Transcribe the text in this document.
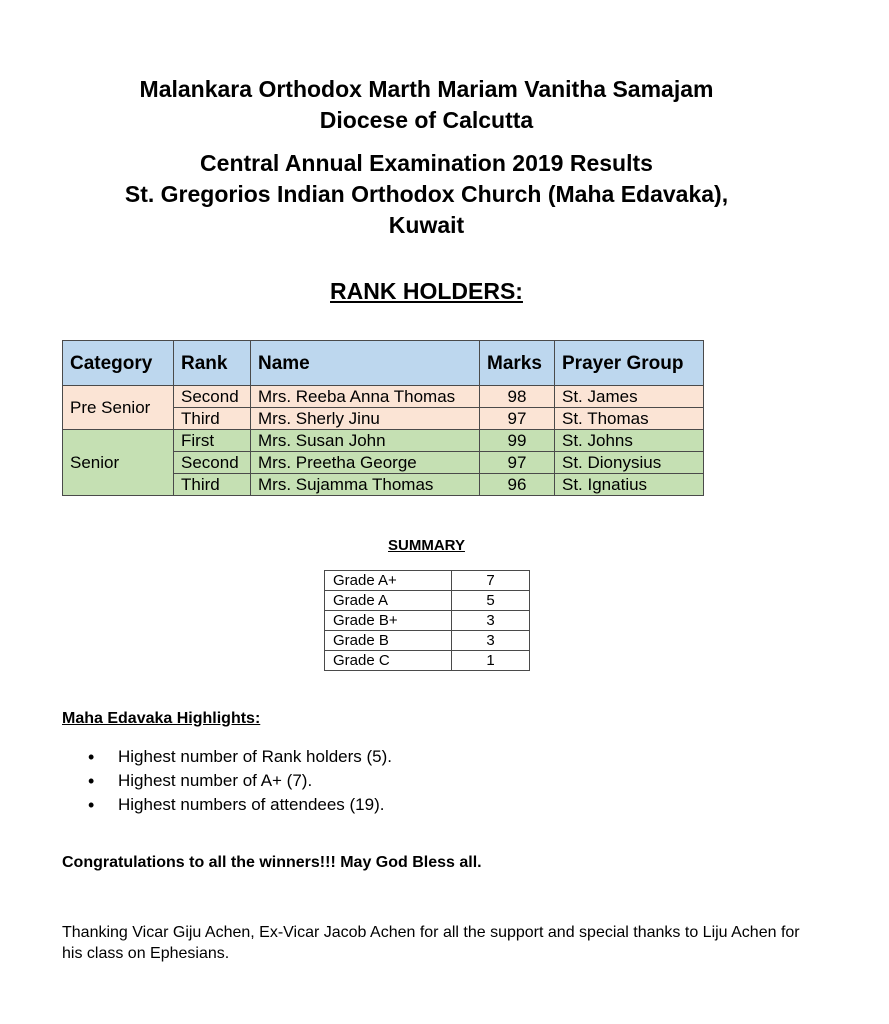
Malankara Orthodox Marth Mariam Vanitha Samajam
Diocese of Calcutta
Central Annual Examination 2019 Results
St. Gregorios Indian Orthodox Church (Maha Edavaka),
Kuwait
RANK HOLDERS:
Category	Rank	Name	Marks	Prayer Group
Pre Senior	Second	Mrs. Reeba Anna Thomas	98	St. James
	Third	Mrs. Sherly Jinu	97	St. Thomas
Senior	First	Mrs. Susan John	99	St. Johns
	Second	Mrs. Preetha George	97	St. Dionysius
	Third	Mrs. Sujamma Thomas	96	St. Ignatius
SUMMARY
Grade A+	7
Grade A	5
Grade B+	3
Grade B	3
Grade C	1
Maha Edavaka Highlights:
• Highest number of Rank holders (5).
• Highest number of A+ (7).
• Highest numbers of attendees (19).

Congratulations to all the winners!!! May God Bless all.

Thanking Vicar Giju Achen, Ex-Vicar Jacob Achen for all the support and special thanks to Liju Achen for his class on Ephesians.
